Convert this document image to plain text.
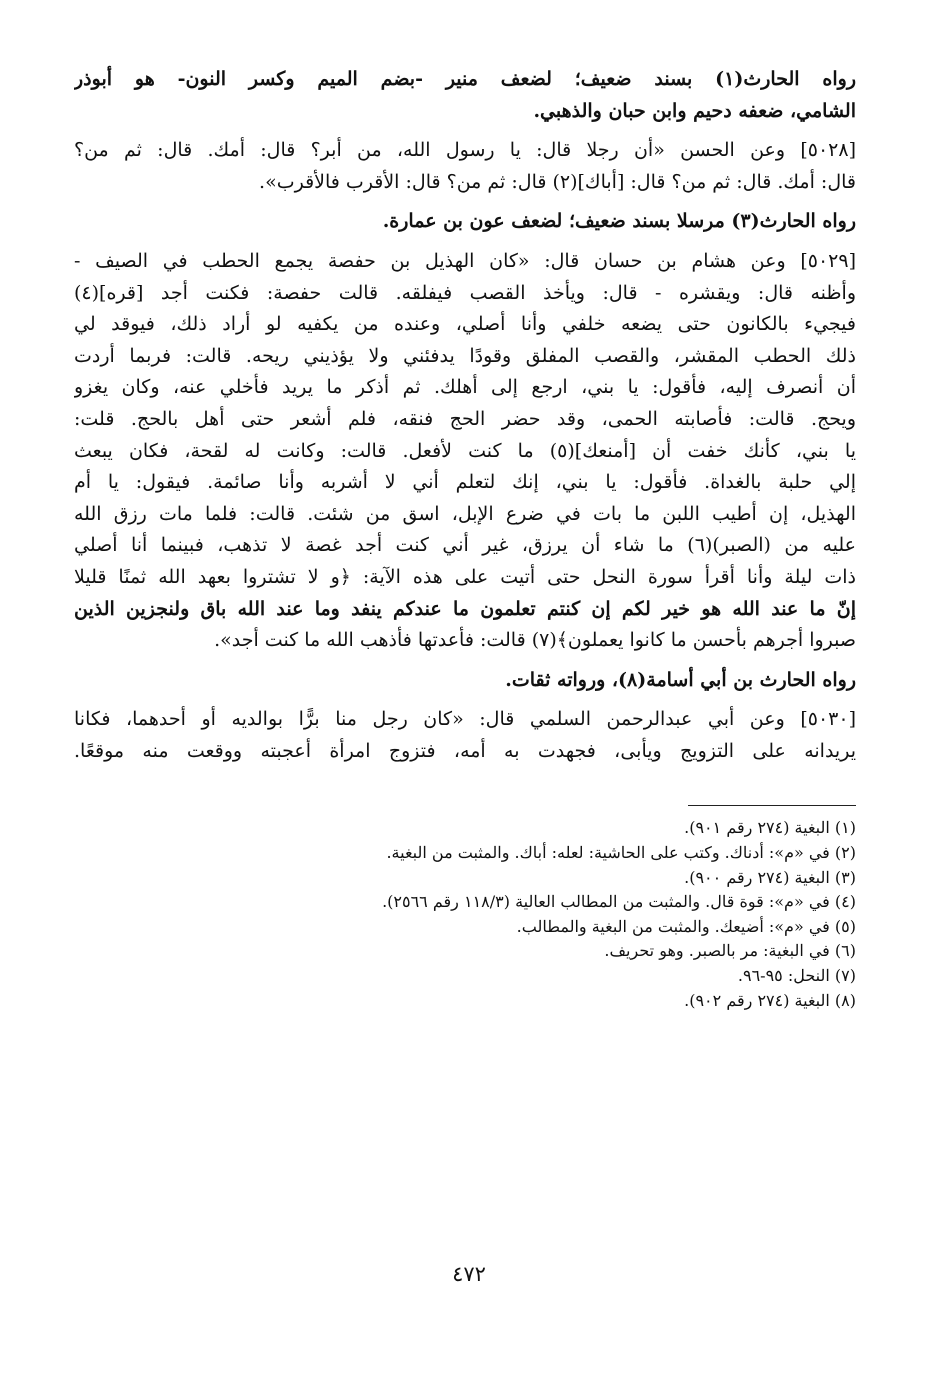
رواه الحارث(١) بسند ضعيف؛ لضعف منير -بضم الميم وكسر النون- هو أبوذر
الشامي، ضعفه دحيم وابن حبان والذهبي.
[٥٠٢٨] وعن الحسن «أن رجلا قال: يا رسول الله، من أبر؟ قال: أمك. قال: ثم من؟
قال: أمك. قال: ثم من؟ قال: [أباك](٢) قال: ثم من؟ قال: الأقرب فالأقرب».
رواه الحارث(٣) مرسلا بسند ضعيف؛ لضعف عون بن عمارة.
[٥٠٢٩] وعن هشام بن حسان قال: «كان الهذيل بن حفصة يجمع الحطب في الصيف -
وأظنه قال: ويقشره - قال: ويأخذ القصب فيفلقه. قالت حفصة: فكنت أجد [قره](٤)
فيجيء بالكانون حتى يضعه خلفي وأنا أصلي، وعنده من يكفيه لو أراد ذلك، فيوقد لي
ذلك الحطب المقشر، والقصب المفلق وقودًا يدفئني ولا يؤذيني ريحه. قالت: فربما أردت
أن أنصرف إليه، فأقول: يا بني، ارجع إلى أهلك. ثم أذكر ما يريد فأخلي عنه، وكان يغزو
ويحج. قالت: فأصابته الحمى، وقد حضر الحج فنقه، فلم أشعر حتى أهل بالحج. قلت:
يا بني، كأنك خفت أن [أمنعك](٥) ما كنت لأفعل. قالت: وكانت له لقحة، فكان يبعث
إلي حلبة بالغداة. فأقول: يا بني، إنك لتعلم أني لا أشربه وأنا صائمة. فيقول: يا أم
الهذيل، إن أطيب اللبن ما بات في ضرع الإبل، اسق من شئت. قالت: فلما مات رزق الله
عليه من (الصبر)(٦) ما شاء أن يرزق، غير أني كنت أجد غصة لا تذهب، فبينما أنا أصلي
ذات ليلة وأنا أقرأ سورة النحل حتى أتيت على هذه الآية: ﴿و لا تشتروا بعهد الله ثمنًا قليلا
إنّ ما عند الله هو خير لكم إن كنتم تعلمون ما عندكم ينفد وما عند الله باق ولنجزين الذين
صبروا أجرهم بأحسن ما كانوا يعملون﴾(٧) قالت: فأعدتها فأذهب الله ما كنت أجد».
رواه الحارث بن أبي أسامة(٨)، ورواته ثقات.
[٥٠٣٠] وعن أبي عبدالرحمن السلمي قال: «كان رجل منا برًّا بوالديه أو أحدهما، فكانا
يريدانه على التزويج ويأبى، فجهدت به أمه، فتزوج امرأة أعجبته ووقعت منه موقعًا.
(١) البغية (٢٧٤ رقم ٩٠١).
(٢) في «م»: أدناك. وكتب على الحاشية: لعله: أباك. والمثبت من البغية.
(٣) البغية (٢٧٤ رقم ٩٠٠).
(٤) في «م»: قوة قال. والمثبت من المطالب العالية (١١٨/٣ رقم ٢٥٦٦).
(٥) في «م»: أضيعك. والمثبت من البغية والمطالب.
(٦) في البغية: مر بالصبر. وهو تحريف.
(٧) النحل: ٩٥-٩٦.
(٨) البغية (٢٧٤ رقم ٩٠٢).
٤٧٢
